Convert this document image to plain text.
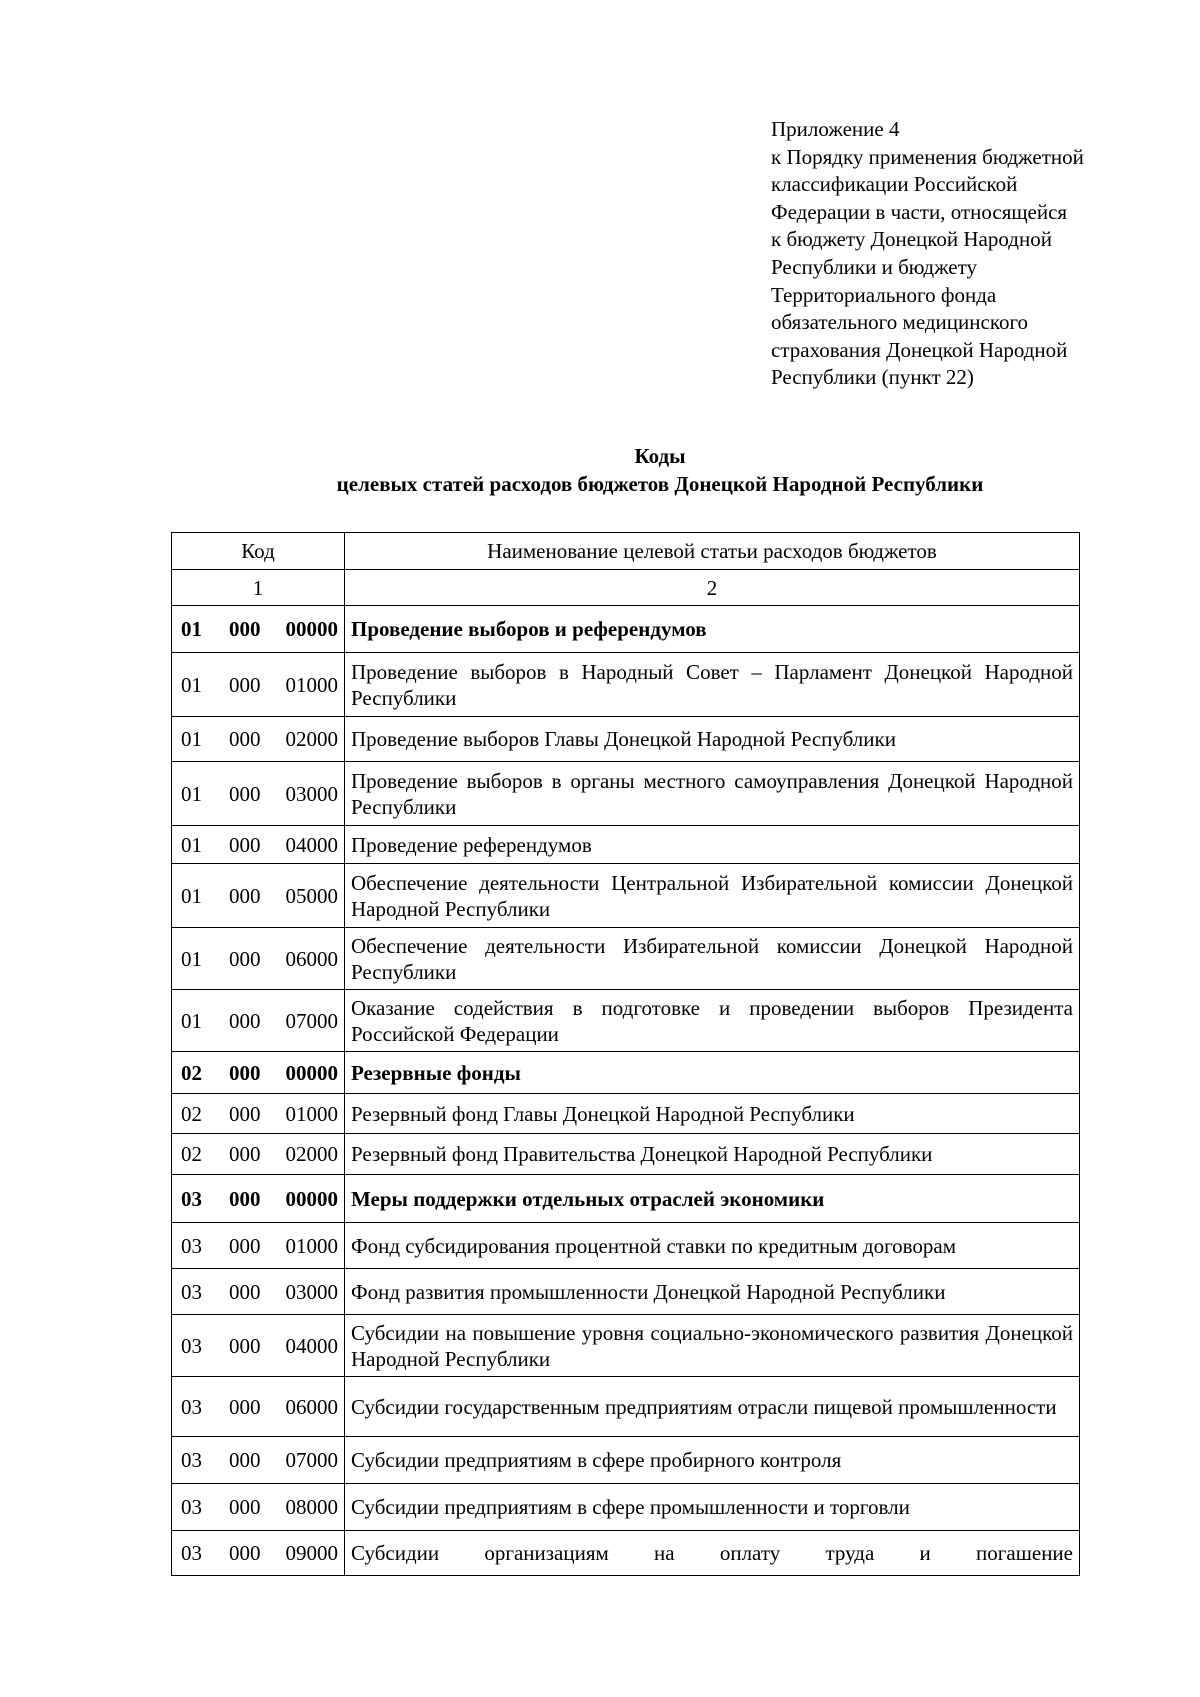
Приложение 4
к Порядку применения бюджетной
классификации Российской
Федерации в части, относящейся
к бюджету Донецкой Народной
Республики и бюджету
Территориального фонда
обязательного медицинского
страхования Донецкой Народной
Республики (пункт 22)
Коды
целевых статей расходов бюджетов Донецкой Народной Республики
Код	Наименование целевой статьи расходов бюджетов
1	2

01 000 00000	Проведение выборов и референдумов

01 000 01000	Проведение выборов в Народный Совет – Парламент Донецкой Народной Республики

01 000 02000	Проведение выборов Главы Донецкой Народной Республики

01 000 03000	Проведение выборов в органы местного самоуправления Донецкой Народной Республики

01 000 04000	Проведение референдумов

01 000 05000	Обеспечение деятельности Центральной Избирательной комиссии Донецкой Народной Республики

01 000 06000	Обеспечение деятельности Избирательной комиссии Донецкой Народной Республики

01 000 07000	Оказание содействия в подготовке и проведении выборов Президента Российской Федерации

02 000 00000	Резервные фонды

02 000 01000	Резервный фонд Главы Донецкой Народной Республики

02 000 02000	Резервный фонд Правительства Донецкой Народной Республики

03 000 00000	Меры поддержки отдельных отраслей экономики

03 000 01000	Фонд субсидирования процентной ставки по кредитным договорам

03 000 03000	Фонд развития промышленности Донецкой Народной Республики

03 000 04000	Субсидии на повышение уровня социально-экономического развития Донецкой Народной Республики

03 000 06000	Субсидии государственным предприятиям отрасли пищевой промышленности

03 000 07000	Субсидии предприятиям в сфере пробирного контроля

03 000 08000	Субсидии предприятиям в сфере промышленности и торговли

03 000 09000	Субсидии организациям на оплату труда и погашение
